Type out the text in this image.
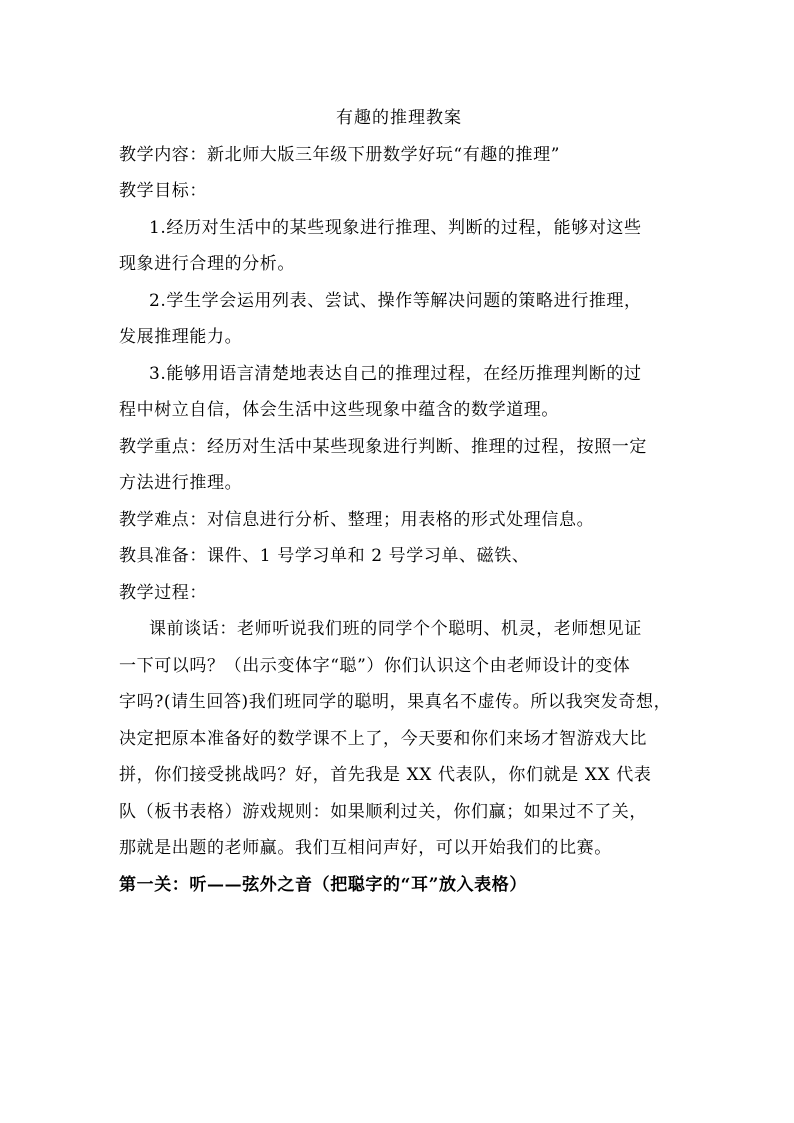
有趣的推理教案
教学内容：新北师大版三年级下册数学好玩“有趣的推理”
教学目标：
1.经历对生活中的某些现象进行推理、判断的过程，能够对这些
现象进行合理的分析。
2.学生学会运用列表、尝试、操作等解决问题的策略进行推理，
发展推理能力。
3.能够用语言清楚地表达自己的推理过程，在经历推理判断的过
程中树立自信，体会生活中这些现象中蕴含的数学道理。
教学重点：经历对生活中某些现象进行判断、推理的过程，按照一定
方法进行推理。
教学难点：对信息进行分析、整理；用表格的形式处理信息。
教具准备：课件、1 号学习单和 2 号学习单、磁铁、
教学过程：
课前谈话：老师听说我们班的同学个个聪明、机灵，老师想见证
一下可以吗？（出示变体字“聪”）你们认识这个由老师设计的变体
字吗?(请生回答)我们班同学的聪明，果真名不虚传。所以我突发奇想，
决定把原本准备好的数学课不上了，今天要和你们来场才智游戏大比
拼，你们接受挑战吗？好，首先我是 XX 代表队，你们就是 XX 代表
队（板书表格）游戏规则：如果顺利过关，你们赢；如果过不了关，
那就是出题的老师赢。我们互相问声好，可以开始我们的比赛。
第一关：听——弦外之音（把聪字的“耳”放入表格）
